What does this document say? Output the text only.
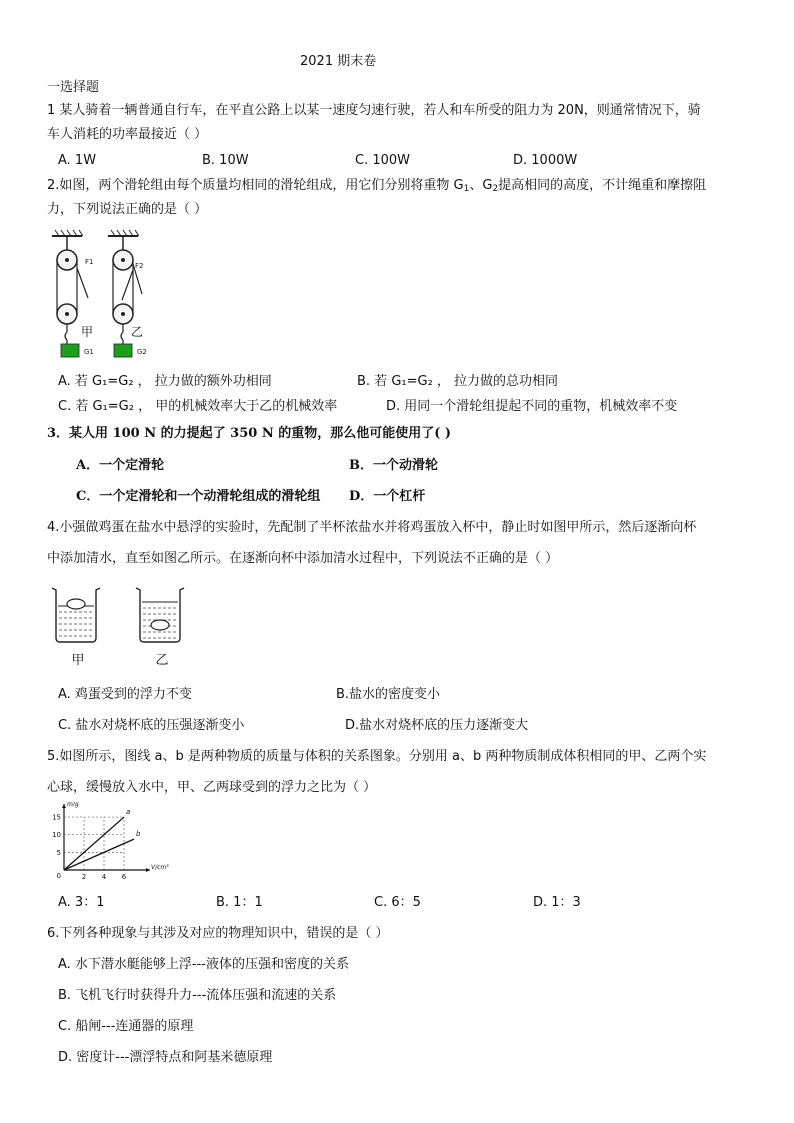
2021 期末卷
一选择题
1 某人骑着一辆普通自行车，在平直公路上以某一速度匀速行驶，若人和车所受的阻力为 20N，则通常情况下，骑
车人消耗的功率最接近（ ）
A. 1W	B. 10W	C. 100W	D. 1000W
2.如图，两个滑轮组由每个质量均相同的滑轮组成，用它们分别将重物 $G_1$、$G_2$提高相同的高度，不计绳重和摩擦阻
力，下列说法正确的是（ ）
F1
甲
G1
F2
乙
G2
A. 若 G₁=G₂ ， 拉力做的额外功相同	B. 若 G₁=G₂ ， 拉力做的总功相同
C. 若 G₁=G₂ ， 甲的机械效率大于乙的机械效率	D. 用同一个滑轮组提起不同的重物，机械效率不变
3．某人用 100 N 的力提起了 350 N 的重物，那么他可能使用了( )
A．一个定滑轮	B．一个动滑轮
C．一个定滑轮和一个动滑轮组成的滑轮组 D．一个杠杆
4.小强做鸡蛋在盐水中悬浮的实验时，先配制了半杯浓盐水并将鸡蛋放入杯中，静止时如图甲所示，然后逐渐向杯
中添加清水，直至如图乙所示。在逐渐向杯中添加清水过程中，下列说法不正确的是（ ）
甲	乙
A. 鸡蛋受到的浮力不变	B.盐水的密度变小
C. 盐水对烧杯底的压强逐渐变小	D.盐水对烧杯底的压力逐渐变大
5.如图所示，图线 a、b 是两种物质的质量与体积的关系图象。分别用 a、b 两种物质制成体积相同的甲、乙两个实
心球，缓慢放入水中，甲、乙两球受到的浮力之比为（ ）
2 4 6
5
10
15
0
m/g
V/cm³
a
b
A. 3：1	B. 1：1	C. 6：5	D. 1：3
6.下列各种现象与其涉及对应的物理知识中，错误的是（ ）
A. 水下潜水艇能够上浮---液体的压强和密度的关系
B. 飞机飞行时获得升力---流体压强和流速的关系
C. 船闸---连通器的原理
D. 密度计---漂浮特点和阿基米德原理
